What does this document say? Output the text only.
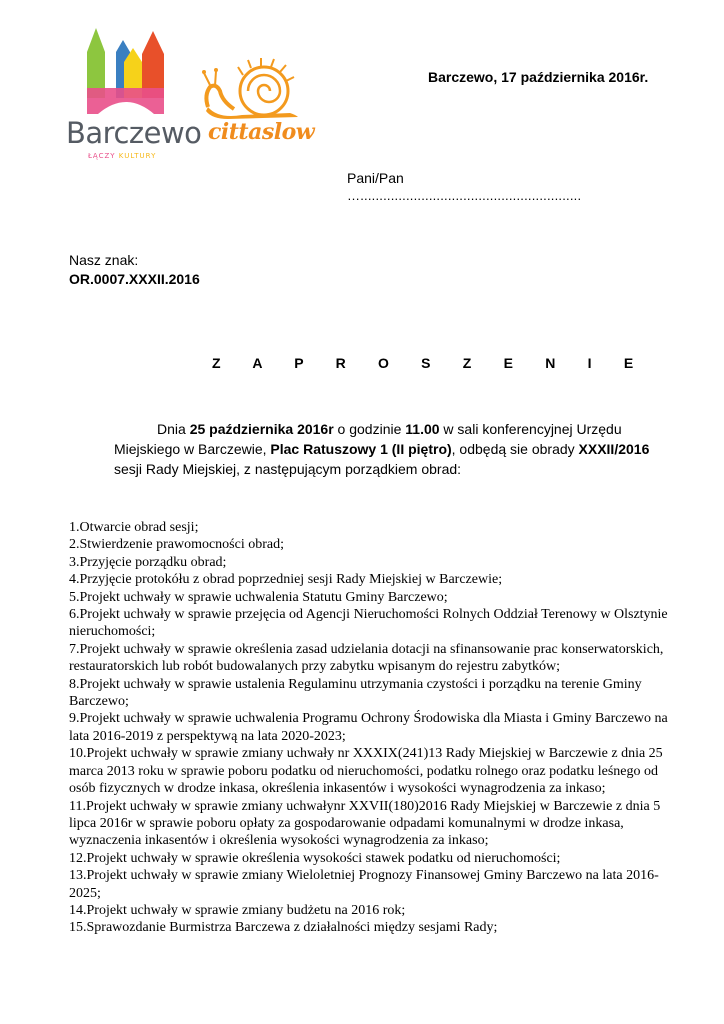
Barczewo
ŁĄCZY KULTURY
cittaslow
Barczewo, 17 października 2016r.
Pani/Pan
…..........................................................
Nasz znak:
OR.0007.XXXII.2016
Z A P R O S Z E N I E
Dnia 25 października 2016r o godzinie 11.00 w sali konferencyjnej Urzędu Miejskiego w Barczewie, Plac Ratuszowy 1 (II piętro), odbędą sie obrady XXXII/2016 sesji Rady Miejskiej, z następującym porządkiem obrad:
1.Otwarcie obrad sesji;
2.Stwierdzenie prawomocności obrad;
3.Przyjęcie porządku obrad;
4.Przyjęcie protokółu z obrad poprzedniej sesji Rady Miejskiej w Barczewie;
5.Projekt uchwały w sprawie uchwalenia Statutu Gminy Barczewo;
6.Projekt uchwały w sprawie przejęcia od Agencji Nieruchomości Rolnych Oddział Terenowy w Olsztynie nieruchomości;
7.Projekt uchwały w sprawie określenia zasad udzielania dotacji na sfinansowanie prac konserwatorskich, restauratorskich lub robót budowalanych przy zabytku wpisanym do rejestru zabytków;
8.Projekt uchwały w sprawie ustalenia Regulaminu utrzymania czystości i porządku na terenie Gminy Barczewo;
9.Projekt uchwały w sprawie uchwalenia Programu Ochrony Środowiska dla Miasta i Gminy Barczewo na lata 2016-2019 z perspektywą na lata 2020-2023;
10.Projekt uchwały w sprawie zmiany uchwały nr XXXIX(241)13 Rady Miejskiej w Barczewie z dnia 25 marca 2013 roku w sprawie poboru podatku od nieruchomości, podatku rolnego oraz podatku leśnego od osób fizycznych w drodze inkasa, określenia inkasentów i wysokości wynagrodzenia za inkaso;
11.Projekt uchwały w sprawie zmiany uchwałynr XXVII(180)2016 Rady Miejskiej w Barczewie z dnia 5 lipca 2016r w sprawie poboru opłaty za gospodarowanie odpadami komunalnymi w drodze inkasa, wyznaczenia inkasentów i określenia wysokości wynagrodzenia za inkaso;
12.Projekt uchwały w sprawie określenia wysokości stawek podatku od nieruchomości;
13.Projekt uchwały w sprawie zmiany Wieloletniej Prognozy Finansowej Gminy Barczewo na lata 2016-2025;
14.Projekt uchwały w sprawie zmiany budżetu na 2016 rok;
15.Sprawozdanie Burmistrza Barczewa z działalności między sesjami Rady;
